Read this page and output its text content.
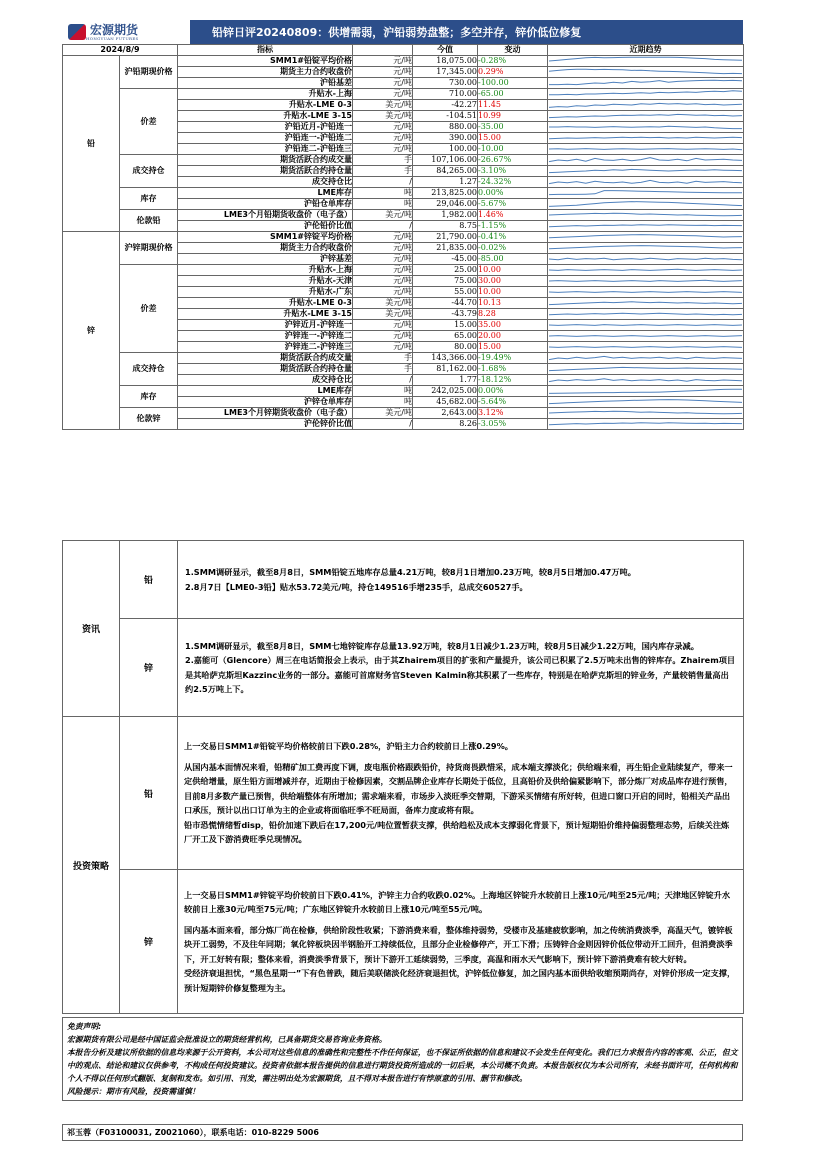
宏源期货
HONGYUAN FUTURES	铅锌日评20240809：供增需弱，沪铅弱势盘整；多空并存，锌价低位修复
2024/8/9		指标		今值	变动	近期趋势
铅	沪铅期现价格	SMM1#铅锭平均价格	元/吨	18,075.00	-0.28%	

		期货主力合约收盘价	元/吨	17,345.00	0.29%	

		沪铅基差	元/吨	730.00	-100.00	

	价差	升贴水-上海	元/吨	710.00	-65.00	

		升贴水-LME 0-3	美元/吨	-42.27	11.45	

		升贴水-LME 3-15	美元/吨	-104.51	10.99	

		沪铅近月-沪铅连一	元/吨	880.00	-35.00	

		沪铅连一-沪铅连二	元/吨	390.00	15.00	

		沪铅连二-沪铅连三	元/吨	100.00	-10.00	

	成交持仓	期货活跃合约成交量	手	107,106.00	-26.67%	

		期货活跃合约持仓量	手	84,265.00	-3.10%	

		成交持仓比	/	1.27	-24.32%	

	库存	LME库存	吨	213,825.00	0.00%	

		沪铅仓单库存	吨	29,046.00	-5.67%	

	伦款铅	LME3个月铅期货收盘价（电子盘）	美元/吨	1,982.00	1.46%	

		沪伦铅价比值	/	8.75	-1.15%	

锌	沪锌期现价格	SMM1#锌锭平均价格	元/吨	21,790.00	-0.41%	

		期货主力合约收盘价	元/吨	21,835.00	-0.02%	

		沪锌基差	元/吨	-45.00	-85.00	

	价差	升贴水-上海	元/吨	25.00	10.00	

		升贴水-天津	元/吨	75.00	30.00	

		升贴水-广东	元/吨	55.00	10.00	

		升贴水-LME 0-3	美元/吨	-44.70	10.13	

		升贴水-LME 3-15	美元/吨	-43.79	8.28	

		沪锌近月-沪锌连一	元/吨	15.00	35.00	

		沪锌连一-沪锌连二	元/吨	65.00	20.00	

		沪锌连二-沪锌连三	元/吨	80.00	15.00	

	成交持仓	期货活跃合约成交量	手	143,366.00	-19.49%	

		期货活跃合约持仓量	手	81,162.00	-1.68%	

		成交持仓比	/	1.77	-18.12%	

	库存	LME库存	吨	242,025.00	0.00%	

		沪锌仓单库存	吨	45,682.00	-5.64%	

	伦款锌	LME3个月锌期货收盘价（电子盘）	美元/吨	2,643.00	3.12%	

		沪伦锌价比值	/	8.26	-3.05%	
资讯	铅	1.SMM调研显示，截至8月8日，SMM铅锭五地库存总量4.21万吨，较8月1日增加0.23万吨，较8月5日增加0.47万吨。
2.8月7日【LME0-3铅】贴水53.72美元/吨，持仓149516手增235手，总成交60527手。

	锌	1.SMM调研显示，截至8月8日，SMM七地锌锭库存总量13.92万吨，较8月1日减少1.23万吨，较8月5日减少1.22万吨，国内库存录减。
2.嘉能可（Glencore）周三在电话简报会上表示，由于其Zhairem项目的扩张和产量提升，该公司已积累了2.5万吨未出售的锌库存。Zhairem项目是其哈萨克斯坦Kazzinc业务的一部分。嘉能可首席财务官Steven Kalmin称其积累了一些库存，特别是在哈萨克斯坦的锌业务，产量较销售量高出约2.5万吨上下。

投资策略	铅	上一交易日SMM1#铅锭平均价格较前日下跌0.28%，沪铅主力合约较前日上涨0.29%。
从国内基本面情况来看，铅精矿加工费再度下调，废电瓶价格跟跌铅价，持货商畏跌惜采，成本端支撑淡化；供给端来看，再生铅企业陆续复产，带来一定供给增量，原生铅方面增减并存，近期由于检修因素，交割品牌企业库存长期处于低位，且高铅价及供给偏紧影响下，部分炼厂对成品库存进行预售，目前8月多数产量已预售，供给端整体有所增加；需求端来看，市场步入淡旺季交替期，下游采买情绪有所好转，但进口窗口开启的同时，铅相关产品出口承压，预计以出口订单为主的企业或将面临旺季不旺局面，备库力度或将有限。
铅市恐慌情绪暂disp，铅价加速下跌后在17,200元/吨位置暂获支撑，供给趋松及成本支撑弱化背景下，预计短期铅价维持偏弱整理态势，后续关注炼厂开工及下游消费旺季兑现情况。

	锌	上一交易日SMM1#锌锭平均价较前日下跌0.41%，沪锌主力合约收跌0.02%。上海地区锌锭升水较前日上涨10元/吨至25元/吨；天津地区锌锭升水较前日上涨30元/吨至75元/吨；广东地区锌锭升水较前日上涨10元/吨至55元/吨。
国内基本面来看，部分炼厂尚在检修，供给阶段性收紧；下游消费来看，整体维持弱势，受楼市及基建疲软影响，加之传统消费淡季，高温天气，镀锌板块开工弱势，不及往年同期；氧化锌板块因半钢胎开工持续低位，且部分企业检修停产，开工下滑；压铸锌合金则因锌价低位带动开工回升，但消费淡季下，开工好转有限；整体来看，消费淡季背景下，预计下游开工延续弱势，三季度，高温和雨水天气影响下，预计锌下游消费难有较大好转。
受经济衰退担忧，“黑色星期一”下有色普跌，随后美联储淡化经济衰退担忧，沪锌低位修复，加之国内基本面供给收缩预期尚存，对锌价形成一定支撑，预计短期锌价修复整理为主。
免责声明:
宏源期货有限公司是经中国证监会批准设立的期货经营机构，已具备期货交易咨询业务资格。
本报告分析及建议所依据的信息均来源于公开资料，本公司对这些信息的准确性和完整性不作任何保证，也不保证所依据的信息和建议不会发生任何变化。我们已力求报告内容的客观、公正，但文中的观点、结论和建议仅供参考，不构成任何投资建议。投资者依据本报告提供的信息进行期货投资所造成的一切后果，本公司概不负责。本报告版权仅为本公司所有，未经书面许可，任何机构和个人不得以任何形式翻版、复制和发布。如引用、刊发，需注明出处为宏源期货，且不得对本报告进行有悖原意的引用、删节和修改。
风险提示：期市有风险，投资需谨慎！
祁玉蓉（F03100031, Z0021060），联系电话：010-8229 5006
